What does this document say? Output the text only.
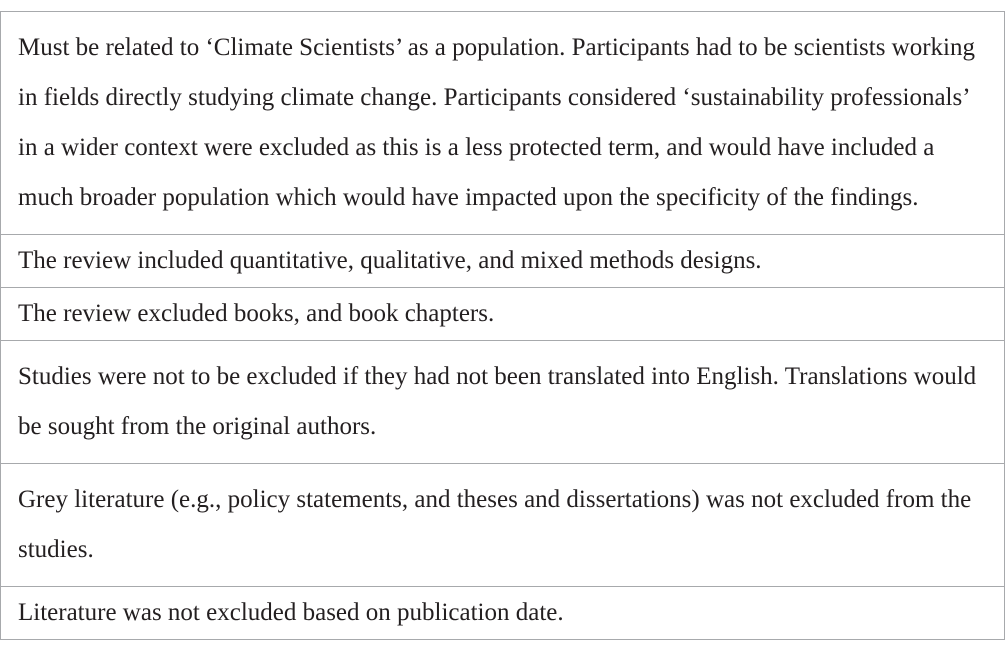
Must be related to ‘Climate Scientists’ as a population. Participants had to be scientists working in fields directly studying climate change. Participants considered ‘sustainability professionals’ in a wider context were excluded as this is a less protected term, and would have included a much broader population which would have impacted upon the specificity of the findings.

The review included quantitative, qualitative, and mixed methods designs.

The review excluded books, and book chapters.

Studies were not to be excluded if they had not been translated into English. Translations would be sought from the original authors.

Grey literature (e.g., policy statements, and theses and dissertations) was not excluded from the studies.

Literature was not excluded based on publication date.
